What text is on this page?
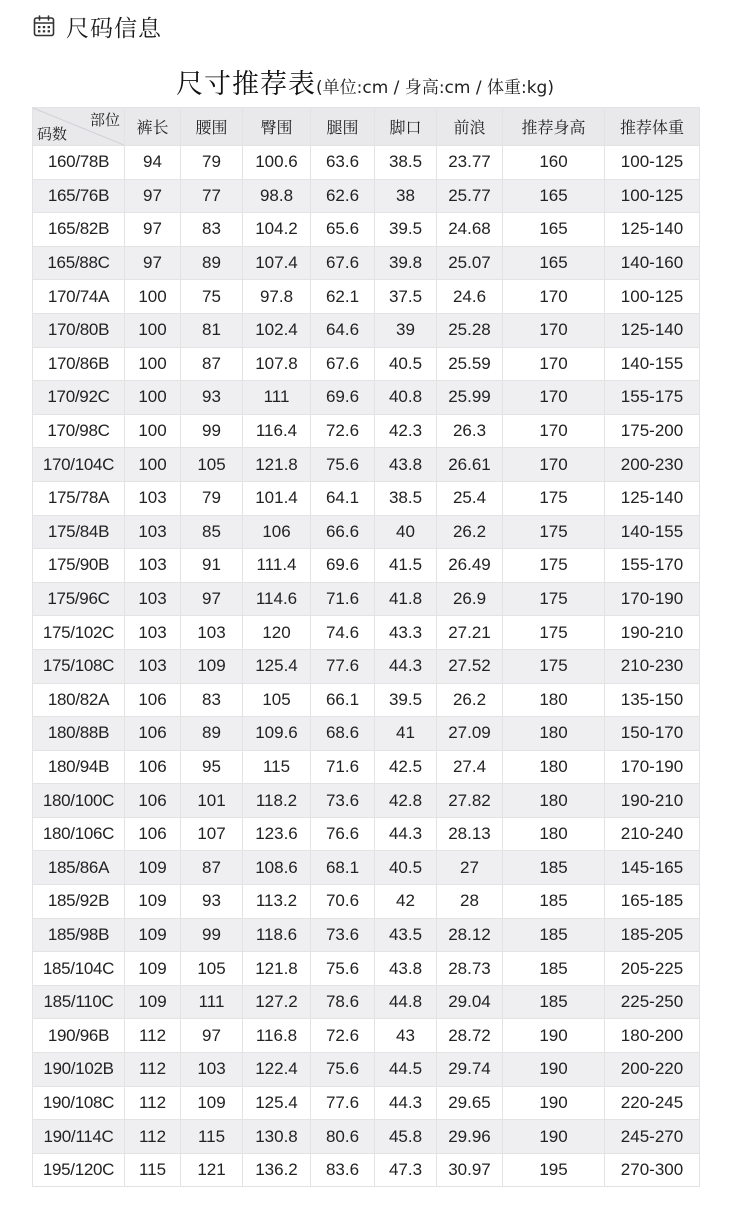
尺码信息
尺寸推荐表(单位:cm / 身高:cm / 体重:kg)
部位
码数	裤长	腰围	臀围	腿围	脚口	前浪	推荐身高	推荐体重
160/78B	94	79	100.6	63.6	38.5	23.77	160	100-125
165/76B	97	77	98.8	62.6	38	25.77	165	100-125
165/82B	97	83	104.2	65.6	39.5	24.68	165	125-140
165/88C	97	89	107.4	67.6	39.8	25.07	165	140-160
170/74A	100	75	97.8	62.1	37.5	24.6	170	100-125
170/80B	100	81	102.4	64.6	39	25.28	170	125-140
170/86B	100	87	107.8	67.6	40.5	25.59	170	140-155
170/92C	100	93	111	69.6	40.8	25.99	170	155-175
170/98C	100	99	116.4	72.6	42.3	26.3	170	175-200
170/104C	100	105	121.8	75.6	43.8	26.61	170	200-230
175/78A	103	79	101.4	64.1	38.5	25.4	175	125-140
175/84B	103	85	106	66.6	40	26.2	175	140-155
175/90B	103	91	111.4	69.6	41.5	26.49	175	155-170
175/96C	103	97	114.6	71.6	41.8	26.9	175	170-190
175/102C	103	103	120	74.6	43.3	27.21	175	190-210
175/108C	103	109	125.4	77.6	44.3	27.52	175	210-230
180/82A	106	83	105	66.1	39.5	26.2	180	135-150
180/88B	106	89	109.6	68.6	41	27.09	180	150-170
180/94B	106	95	115	71.6	42.5	27.4	180	170-190
180/100C	106	101	118.2	73.6	42.8	27.82	180	190-210
180/106C	106	107	123.6	76.6	44.3	28.13	180	210-240
185/86A	109	87	108.6	68.1	40.5	27	185	145-165
185/92B	109	93	113.2	70.6	42	28	185	165-185
185/98B	109	99	118.6	73.6	43.5	28.12	185	185-205
185/104C	109	105	121.8	75.6	43.8	28.73	185	205-225
185/110C	109	111	127.2	78.6	44.8	29.04	185	225-250
190/96B	112	97	116.8	72.6	43	28.72	190	180-200
190/102B	112	103	122.4	75.6	44.5	29.74	190	200-220
190/108C	112	109	125.4	77.6	44.3	29.65	190	220-245
190/114C	112	115	130.8	80.6	45.8	29.96	190	245-270
195/120C	115	121	136.2	83.6	47.3	30.97	195	270-300
